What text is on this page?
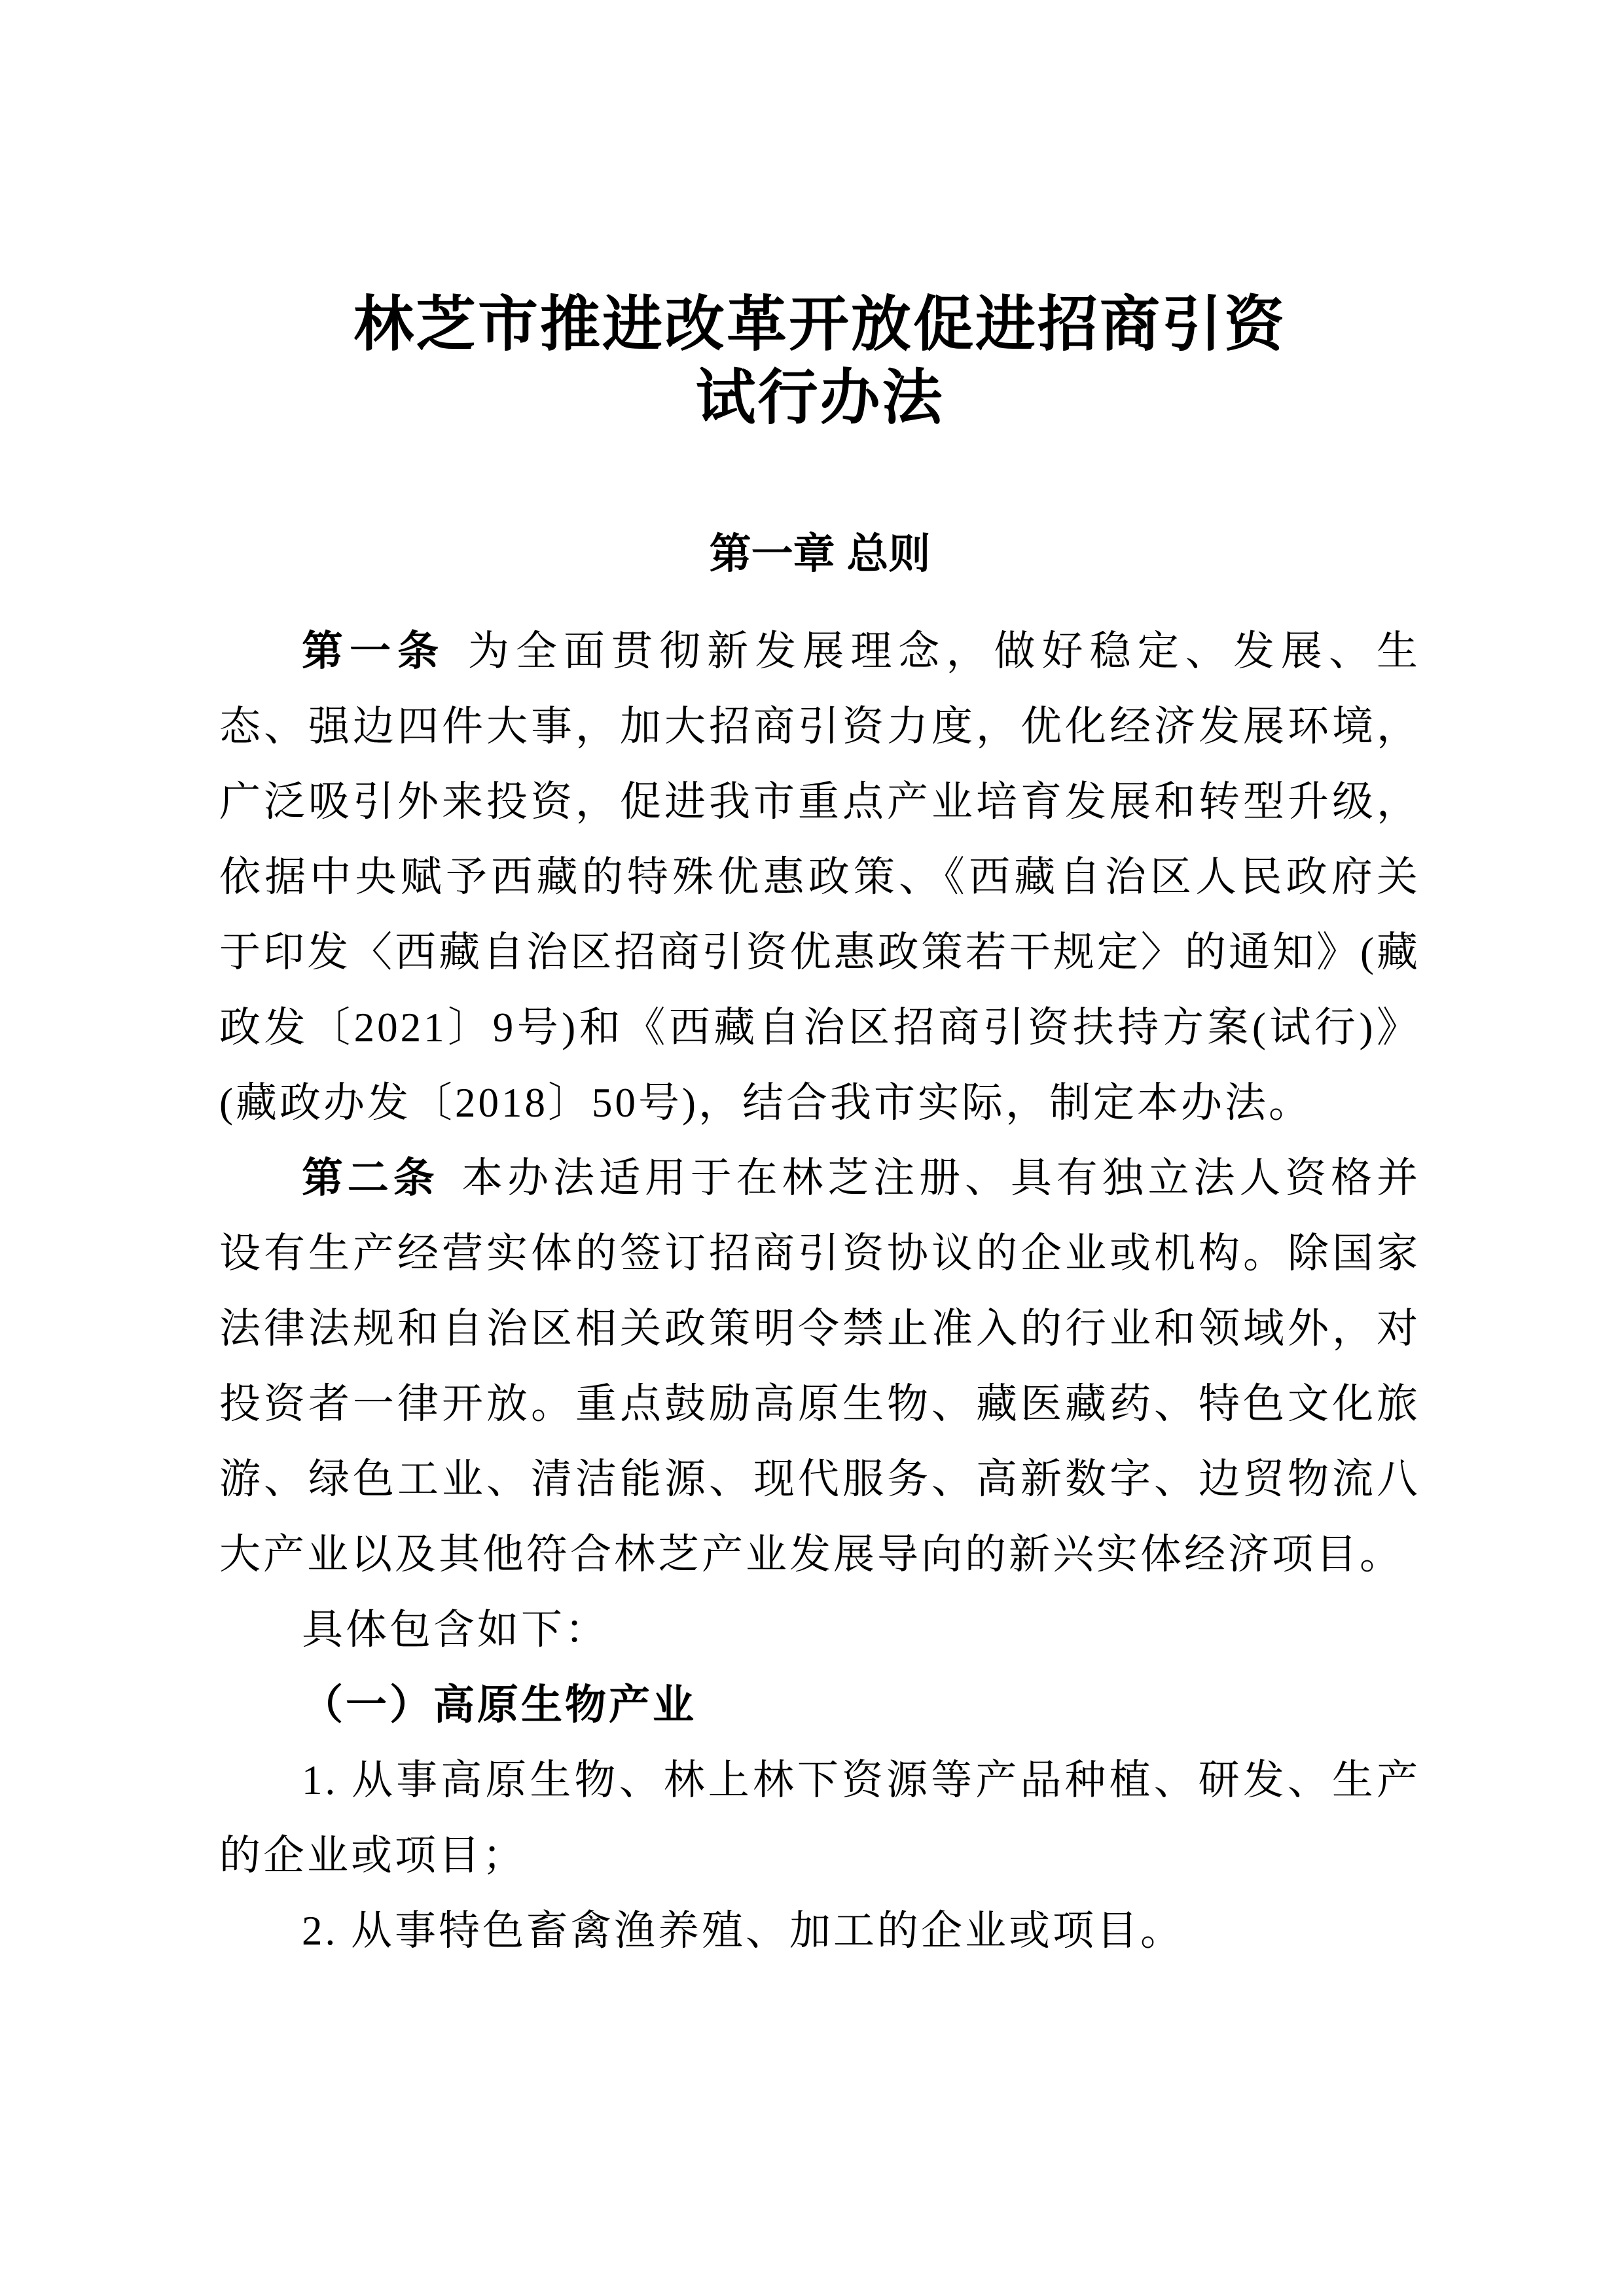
林芝市推进改革开放促进招商引资
试行办法
第一章 总则

第一条 为全面贯彻新发展理念，做好稳定、发展、生态、强边四件大事，加大招商引资力度，优化经济发展环境，广泛吸引外来投资，促进我市重点产业培育发展和转型升级，依据中央赋予西藏的特殊优惠政策、《西藏自治区人民政府关于印发〈西藏自治区招商引资优惠政策若干规定〉的通知》(藏政发〔2021〕9号)和《西藏自治区招商引资扶持方案(试行)》(藏政办发〔2018〕50号)，结合我市实际，制定本办法。

第二条 本办法适用于在林芝注册、具有独立法人资格并设有生产经营实体的签订招商引资协议的企业或机构。除国家法律法规和自治区相关政策明令禁止准入的行业和领域外，对投资者一律开放。重点鼓励高原生物、藏医藏药、特色文化旅游、绿色工业、清洁能源、现代服务、高新数字、边贸物流八大产业以及其他符合林芝产业发展导向的新兴实体经济项目。

具体包含如下：

（一）高原生物产业

1. 从事高原生物、林上林下资源等产品种植、研发、生产的企业或项目；

2. 从事特色畜禽渔养殖、加工的企业或项目。
